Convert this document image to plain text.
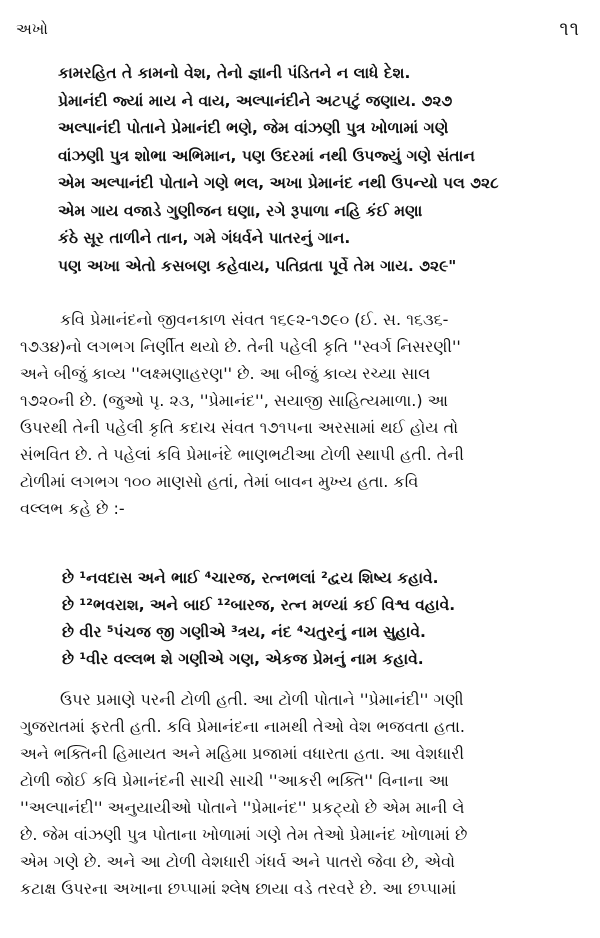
અખો	૧૧
કામરહિત તે કામનો વેશ, તેનો જ્ઞાની પંડિતને ન લાધે દેશ.
પ્રેમાનંદી જ્યાં માય ને વાય, અલ્પાનંદીને અટપટું જણાય. ૭૨૭
અલ્પાનંદી પોતાને પ્રેમાનંદી ભણે, જેમ વાંઝણી પુત્ર ખોળામાં ગણે
વાંઝણી પુત્ર શોભા અભિમાન, પણ ઉદરમાં નથી ઉપજ્યું ગણે સંતાન
એમ અલ્પાનંદી પોતાને ગણે ભલ, અખા પ્રેમાનંદ નથી ઉપન્યો પલ ૭૨૮
એમ ગાય વજાડે ગુણીજન ઘણા, રગે રૂપાળા નહિ કંઈ મણા
કંઠે સૂર તાળીને તાન, ગમે ગંધર્વને પાતરનું ગાન.
પણ અખા એતો કસબણ કહેવાય, પતિવ્રતા પૂર્વે તેમ ગાય. ૭૨૯"
કવિ પ્રેમાનંદનો જીવનકાળ સંવત ૧૬૯૨-૧૭૯૦ (ઈ. સ. ૧૬૩૬-
૧૭૩૪)નો લગભગ નિર્ણીત થયો છે. તેની પહેલી કૃતિ ''સ્વર્ગ નિસરણી''
અને બીજું કાવ્ય ''લક્ષ્મણાહરણ'' છે. આ બીજું કાવ્ય રચ્યા સાલ
૧૭૨૦ની છે. (જુઓ પૃ. ૨૩, ''પ્રેમાનંદ'', સયાજી સાહિત્યમાળા.) આ
ઉપરથી તેની પહેલી કૃતિ કદાચ સંવત ૧૭૧૫ના અરસામાં થઈ હોય તો
સંભવિત છે. તે પહેલાં કવિ પ્રેમાનંદે ભાણભટીઆ ટોળી સ્થાપી હતી. તેની
ટોળીમાં લગભગ ૧૦૦ માણસો હતાં, તેમાં બાવન મુખ્ય હતા. કવિ
વલ્લભ કહે છે :-
છે ¹નવદાસ અને ભાઈ ⁴ચારજ, રત્નભલાં ²દ્વય શિષ્ય કહાવે.
છે ¹²ભવરાશ, અને બાઈ ¹²બારજ, રત્ન મળ્યાં કઈ વિશ્વ વહાવે.
છે વીર ⁵પંચજ જી ગણીએ ³ત્રય, નંદ ⁴ચતુરનું નામ સુહાવે.
છે ¹વીર વલ્લભ શે ગણીએ ગણ, એકજ પ્રેમનું નામ કહાવે.
ઉપર પ્રમાણે પરની ટોળી હતી. આ ટોળી પોતાને ''પ્રેમાનંદી'' ગણી
ગુજરાતમાં ફરતી હતી. કવિ પ્રેમાનંદના નામથી તેઓ વેશ ભજવતા હતા.
અને ભક્તિની હિમાયત અને મહિમા પ્રજામાં વધારતા હતા. આ વેશધારી
ટોળી જોઈ કવિ પ્રેમાનંદની સાચી સાચી ''આકરી ભક્તિ'' વિનાના આ
''અલ્પાનંદી'' અનુયાયીઓ પોતાને ''પ્રેમાનંદ'' પ્રકટ્યો છે એમ માની લે
છે. જેમ વાંઝણી પુત્ર પોતાના ખોળામાં ગણે તેમ તેઓ પ્રેમાનંદ ખોળામાં છે
એમ ગણે છે. અને આ ટોળી વેશધારી ગંધર્વ અને પાતરો જેવા છે, એવો
કટાક્ષ ઉપરના અખાના છપ્પામાં શ્લેષ છાયા વડે તરવરે છે. આ છપ્પામાં
